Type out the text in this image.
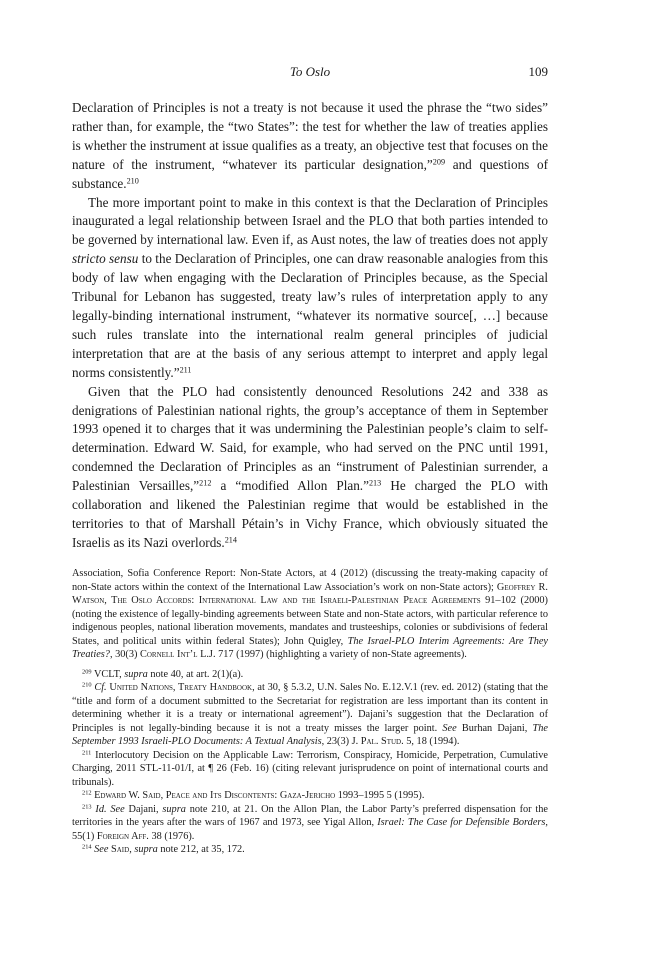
To Oslo	109

Declaration of Principles is not a treaty is not because it used the phrase the “two sides” rather than, for example, the “two States”: the test for whether the law of treaties applies is whether the instrument at issue qualifies as a treaty, an objective test that focuses on the nature of the instrument, “whatever its particular designation,”$^{209}$ and questions of substance.$^{210}$

The more important point to make in this context is that the Declaration of Principles inaugurated a legal relationship between Israel and the PLO that both parties intended to be governed by international law. Even if, as Aust notes, the law of treaties does not apply stricto sensu to the Declaration of Principles, one can draw reasonable analogies from this body of law when engaging with the Declaration of Principles because, as the Special Tribunal for Lebanon has suggested, treaty law’s rules of interpretation apply to any legally-binding international instrument, “whatever its normative source[, …] because such rules translate into the international realm general principles of judicial interpretation that are at the basis of any serious attempt to interpret and apply legal norms consistently.”$^{211}$

Given that the PLO had consistently denounced Resolutions 242 and 338 as denigrations of Palestinian national rights, the group’s acceptance of them in September 1993 opened it to charges that it was undermining the Palestinian people’s claim to self-determination. Edward W. Said, for example, who had served on the PNC until 1991, condemned the Declaration of Principles as an “instrument of Palestinian surrender, a Palestinian Versailles,”$^{212}$ a “modified Allon Plan.”$^{213}$ He charged the PLO with collaboration and likened the Palestinian regime that would be established in the territories to that of Marshall Pétain’s in Vichy France, which obviously situated the Israelis as its Nazi overlords.$^{214}$

Association, Sofia Conference Report: Non-State Actors, at 4 (2012) (discussing the treaty-making capacity of non-State actors within the context of the International Law Association’s work on non-State actors); Geoffrey R. Watson, The Oslo Accords: International Law and the Israeli-Palestinian Peace Agreements 91–102 (2000) (noting the existence of legally-binding agreements between State and non-State actors, with particular reference to indigenous peoples, national liberation movements, mandates and trusteeships, colonies or subdivisions of federal States, and political units within federal States); John Quigley, The Israel-PLO Interim Agreements: Are They Treaties?, 30(3) Cornell Int’l L.J. 717 (1997) (highlighting a variety of non-State agreements).

$^{209}$ VCLT, supra note 40, at art. 2(1)(a).

$^{210}$ Cf. United Nations, Treaty Handbook, at 30, § 5.3.2, U.N. Sales No. E.12.V.1 (rev. ed. 2012) (stating that the “title and form of a document submitted to the Secretariat for registration are less important than its content in determining whether it is a treaty or international agreement”). Dajani’s suggestion that the Declaration of Principles is not legally-binding because it is not a treaty misses the larger point. See Burhan Dajani, The September 1993 Israeli-PLO Documents: A Textual Analysis, 23(3) J. Pal. Stud. 5, 18 (1994).

$^{211}$ Interlocutory Decision on the Applicable Law: Terrorism, Conspiracy, Homicide, Perpetration, Cumulative Charging, 2011 STL-11-01/I, at ¶ 26 (Feb. 16) (citing relevant jurisprudence on point of international courts and tribunals).

$^{212}$ Edward W. Said, Peace and Its Discontents: Gaza-Jericho 1993–1995 5 (1995).

$^{213}$ Id. See Dajani, supra note 210, at 21. On the Allon Plan, the Labor Party’s preferred dispensation for the territories in the years after the wars of 1967 and 1973, see Yigal Allon, Israel: The Case for Defensible Borders, 55(1) Foreign Aff. 38 (1976).

$^{214}$ See Said, supra note 212, at 35, 172.
